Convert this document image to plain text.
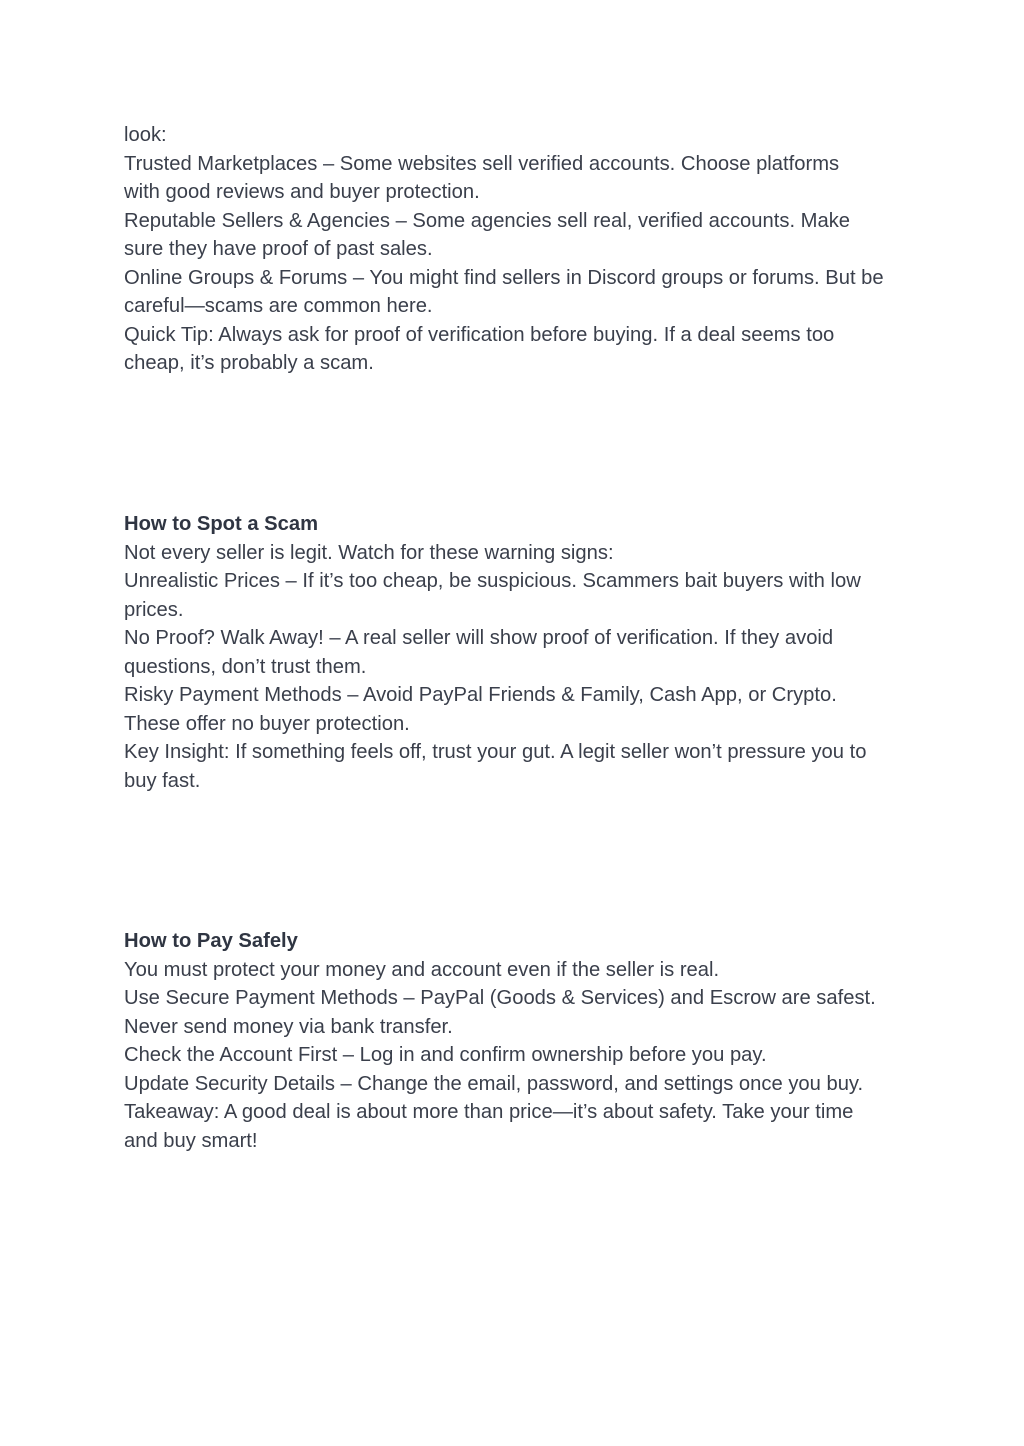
look:

Trusted Marketplaces – Some websites sell verified accounts. Choose platforms

with good reviews and buyer protection.

Reputable Sellers & Agencies – Some agencies sell real, verified accounts. Make

sure they have proof of past sales.

Online Groups & Forums – You might find sellers in Discord groups or forums. But be

careful—scams are common here.

Quick Tip: Always ask for proof of verification before buying. If a deal seems too

cheap, it’s probably a scam.

How to Spot a Scam

Not every seller is legit. Watch for these warning signs:

Unrealistic Prices – If it’s too cheap, be suspicious. Scammers bait buyers with low

prices.

No Proof? Walk Away! – A real seller will show proof of verification. If they avoid

questions, don’t trust them.

Risky Payment Methods – Avoid PayPal Friends & Family, Cash App, or Crypto.

These offer no buyer protection.

Key Insight: If something feels off, trust your gut. A legit seller won’t pressure you to

buy fast.

How to Pay Safely

You must protect your money and account even if the seller is real.

Use Secure Payment Methods – PayPal (Goods & Services) and Escrow are safest.

Never send money via bank transfer.

Check the Account First – Log in and confirm ownership before you pay.

Update Security Details – Change the email, password, and settings once you buy.

Takeaway: A good deal is about more than price—it’s about safety. Take your time

and buy smart!
